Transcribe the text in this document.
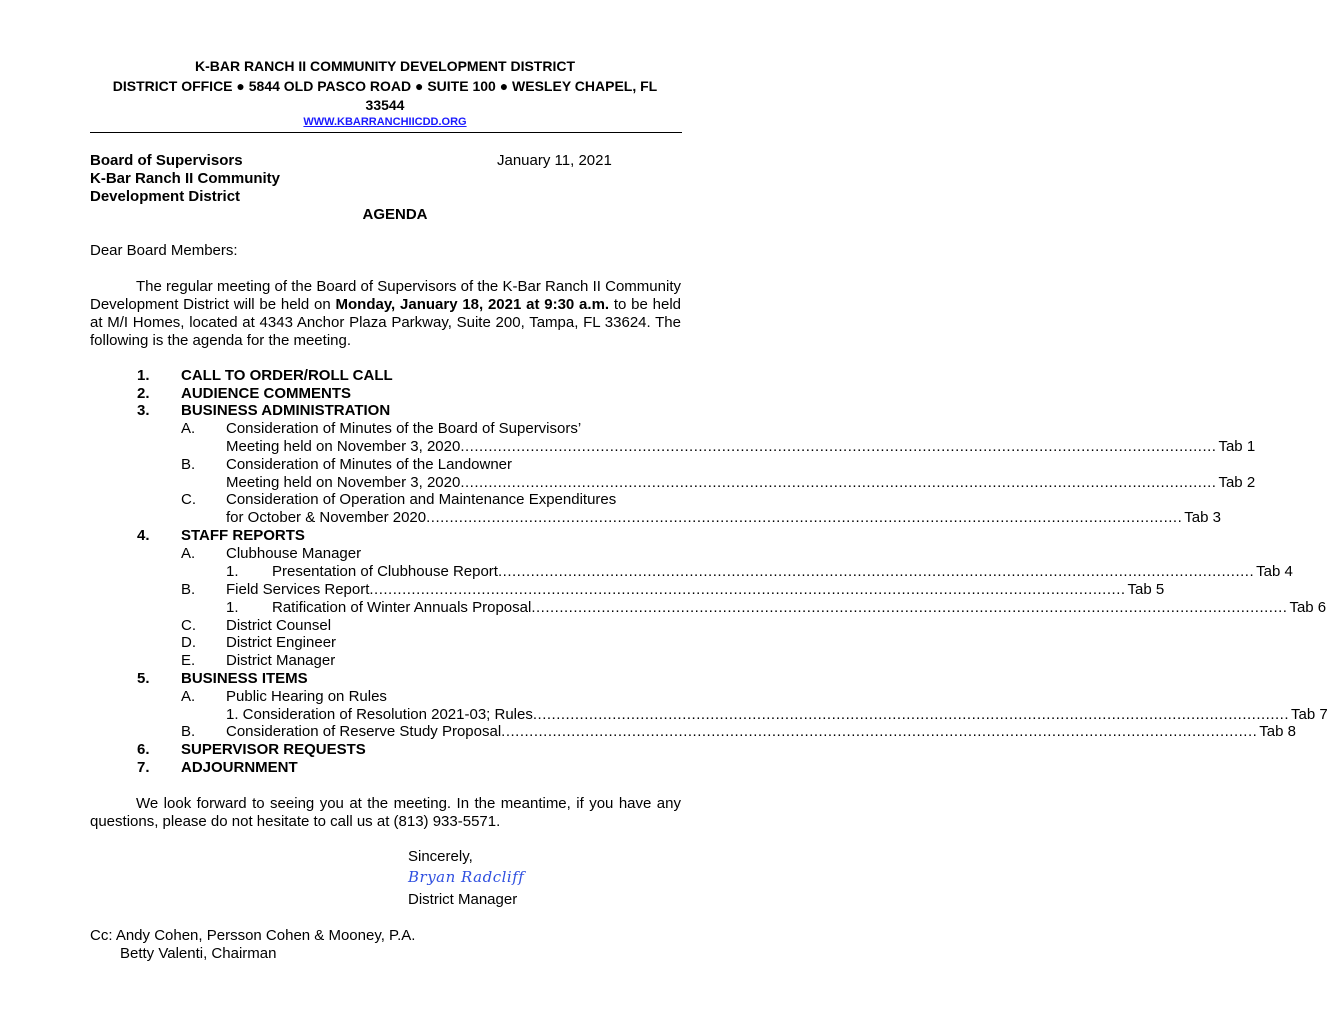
K-BAR RANCH II COMMUNITY DEVELOPMENT DISTRICT
DISTRICT OFFICE ● 5844 OLD PASCO ROAD ● SUITE 100 ● WESLEY CHAPEL, FL
33544
WWW.KBARRANCHIICDD.ORG
Board of Supervisors
K-Bar Ranch II Community
Development District
January 11, 2021
AGENDA
Dear Board Members:
The regular meeting of the Board of Supervisors of the K-Bar Ranch II Community Development District will be held on Monday, January 18, 2021 at 9:30 a.m. to be held at M/I Homes, located at 4343 Anchor Plaza Parkway, Suite 200, Tampa, FL 33624. The following is the agenda for the meeting.
1. CALL TO ORDER/ROLL CALL
2. AUDIENCE COMMENTS
3. BUSINESS ADMINISTRATION
A. Consideration of Minutes of the Board of Supervisors’
Meeting held on November 3, 2020 .................................................................................................................................................................. Tab 1
B. Consideration of Minutes of the Landowner
Meeting held on November 3, 2020 .................................................................................................................................................................. Tab 2
C. Consideration of Operation and Maintenance Expenditures
for October & November 2020 .................................................................................................................................................................. Tab 3
4. STAFF REPORTS
A. Clubhouse Manager
1. Presentation of Clubhouse Report .................................................................................................................................................................. Tab 4
B. Field Services Report .................................................................................................................................................................. Tab 5
1. Ratification of Winter Annuals Proposal .................................................................................................................................................................. Tab 6
C. District Counsel
D. District Engineer
E. District Manager
5. BUSINESS ITEMS
A. Public Hearing on Rules
1. Consideration of Resolution 2021-03; Rules .................................................................................................................................................................. Tab 7
B. Consideration of Reserve Study Proposal .................................................................................................................................................................. Tab 8
6. SUPERVISOR REQUESTS
7. ADJOURNMENT
We look forward to seeing you at the meeting. In the meantime, if you have any questions, please do not hesitate to call us at (813) 933-5571.
Sincerely,
Bryan Radcliff
District Manager
Cc: Andy Cohen, Persson Cohen & Mooney, P.A.
Betty Valenti, Chairman
